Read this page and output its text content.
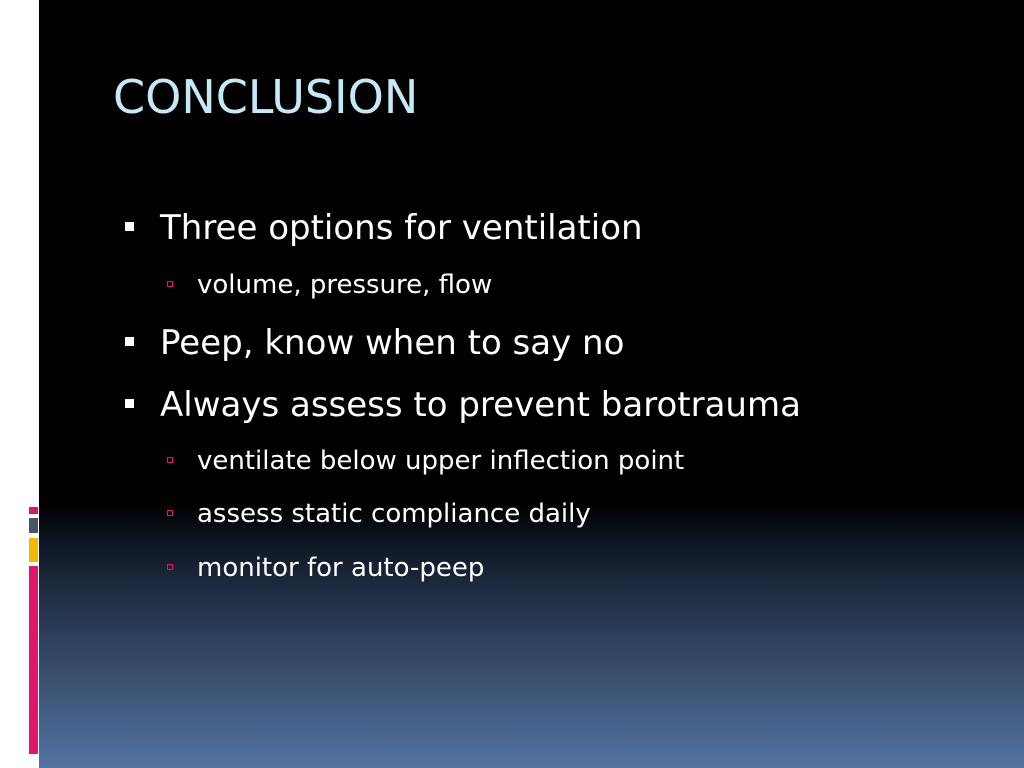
CONCLUSION
Three options for ventilation
volume, pressure, flow
Peep, know when to say no
Always assess to prevent barotrauma
ventilate below upper inflection point
assess static compliance daily
monitor for auto-peep
